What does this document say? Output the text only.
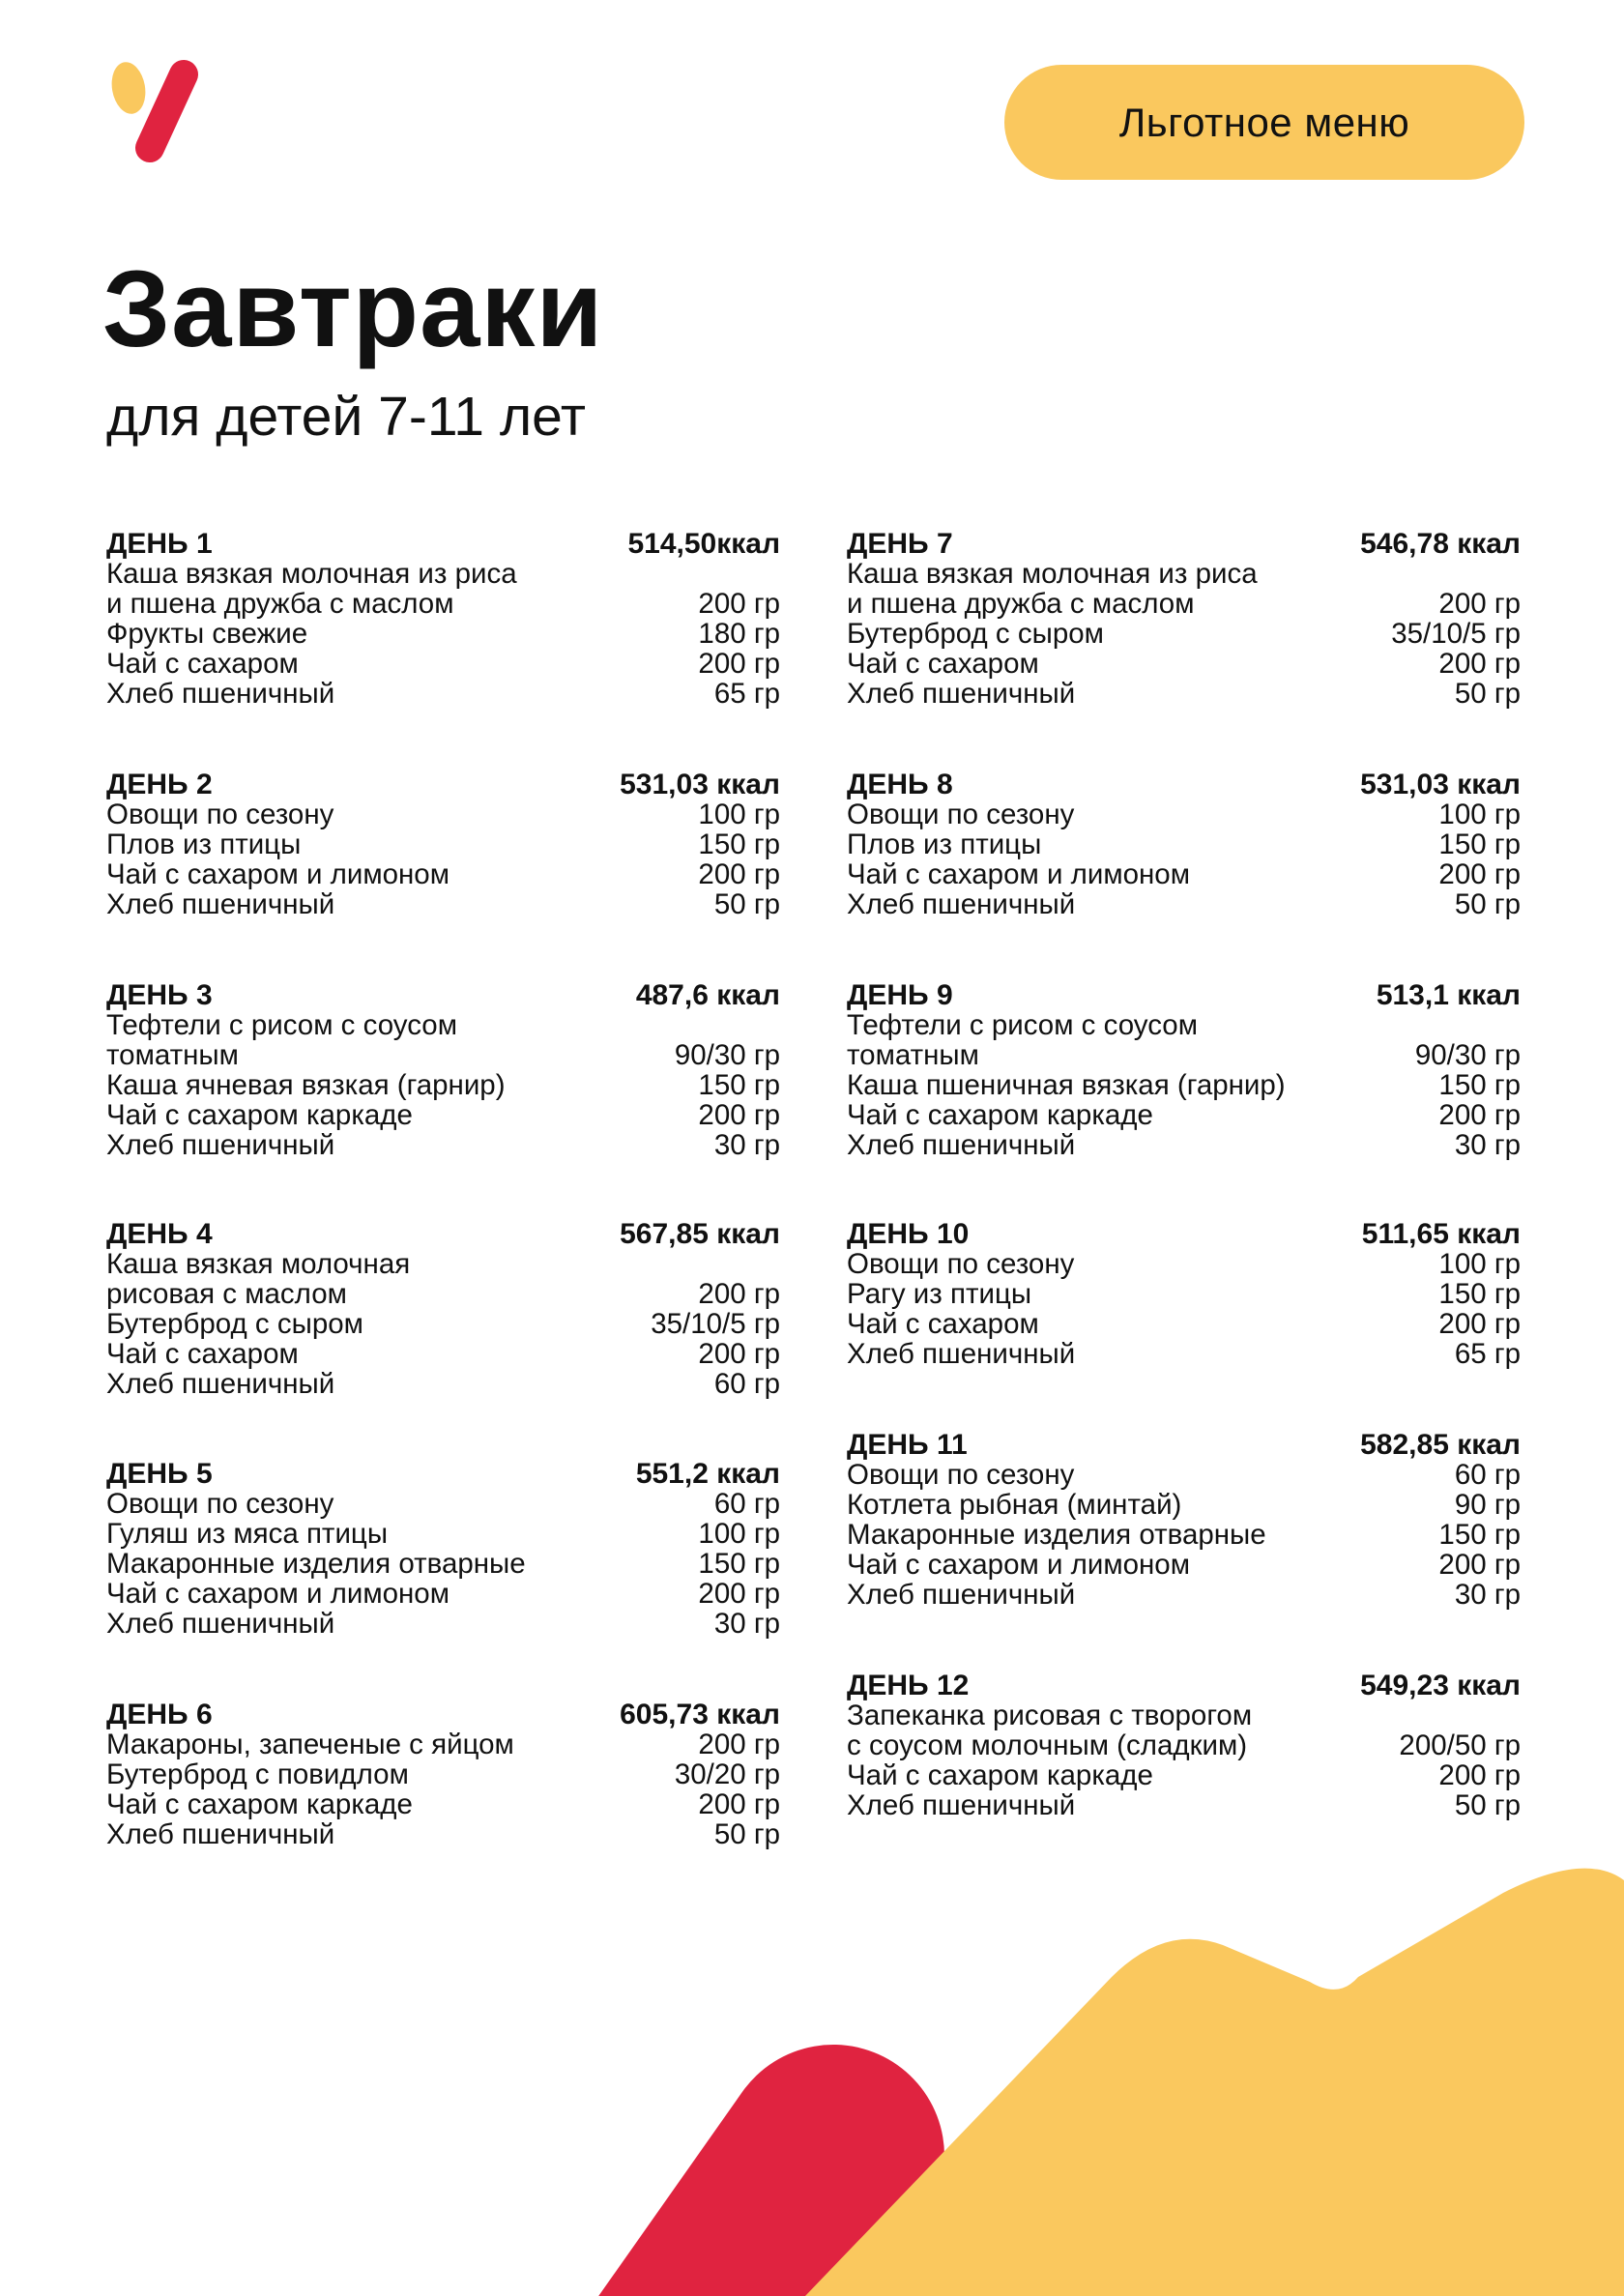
Льготное меню
Завтраки
для детей 7-11 лет
ДЕНЬ 1	514,50ккал
Каша вязкая молочная из риса
и пшена дружба с маслом	200 гр
Фрукты свежие	180 гр
Чай с сахаром	200 гр
Хлеб пшеничный	65 гр
ДЕНЬ 2	531,03 ккал
Овощи по сезону	100 гр
Плов из птицы	150 гр
Чай с сахаром и лимоном	200 гр
Хлеб пшеничный	50 гр
ДЕНЬ 3	487,6 ккал
Тефтели с рисом с соусом
томатным	90/30 гр
Каша ячневая вязкая (гарнир)	150 гр
Чай с сахаром каркаде	200 гр
Хлеб пшеничный	30 гр
ДЕНЬ 4	567,85 ккал
Каша вязкая молочная
рисовая с маслом	200 гр
Бутерброд с сыром	35/10/5 гр
Чай с сахаром	200 гр
Хлеб пшеничный	60 гр
ДЕНЬ 5	551,2 ккал
Овощи по сезону	60 гр
Гуляш из мяса птицы	100 гр
Макаронные изделия отварные	150 гр
Чай с сахаром и лимоном	200 гр
Хлеб пшеничный	30 гр
ДЕНЬ 6	605,73 ккал
Макароны, запеченые с яйцом	200 гр
Бутерброд с повидлом	30/20 гр
Чай с сахаром каркаде	200 гр
Хлеб пшеничный	50 гр
ДЕНЬ 7	546,78 ккал
Каша вязкая молочная из риса
и пшена дружба с маслом	200 гр
Бутерброд с сыром	35/10/5 гр
Чай с сахаром	200 гр
Хлеб пшеничный	50 гр
ДЕНЬ 8	531,03 ккал
Овощи по сезону	100 гр
Плов из птицы	150 гр
Чай с сахаром и лимоном	200 гр
Хлеб пшеничный	50 гр
ДЕНЬ 9	513,1 ккал
Тефтели с рисом с соусом
томатным	90/30 гр
Каша пшеничная вязкая (гарнир)	150 гр
Чай с сахаром каркаде	200 гр
Хлеб пшеничный	30 гр
ДЕНЬ 10	511,65 ккал
Овощи по сезону	100 гр
Рагу из птицы	150 гр
Чай с сахаром	200 гр
Хлеб пшеничный	65 гр
ДЕНЬ 11	582,85 ккал
Овощи по сезону	60 гр
Котлета рыбная (минтай)	90 гр
Макаронные изделия отварные	150 гр
Чай с сахаром и лимоном	200 гр
Хлеб пшеничный	30 гр
ДЕНЬ 12	549,23 ккал
Запеканка рисовая с творогом
с соусом молочным (сладким)	200/50 гр
Чай с сахаром каркаде	200 гр
Хлеб пшеничный	50 гр
